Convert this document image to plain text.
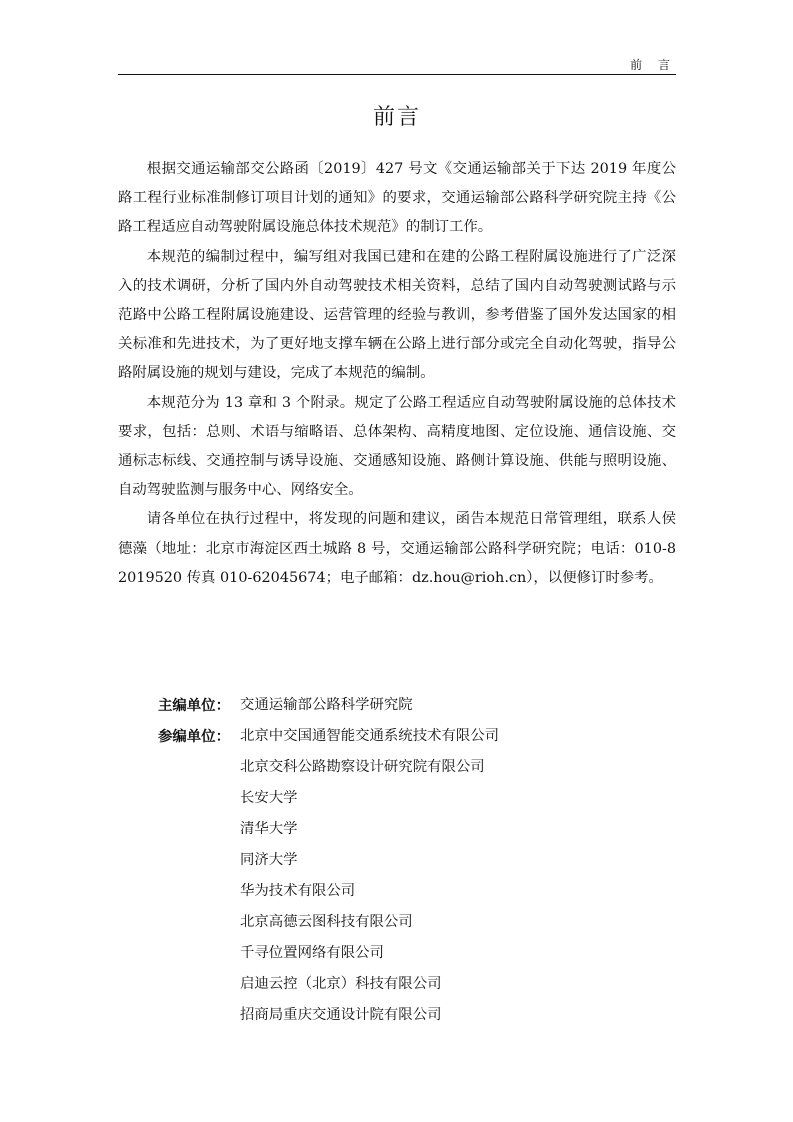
前 言
前言

根据交通运输部交公路函〔2019〕427 号文《交通运输部关于下达 2019 年度公路工程行业标准制修订项目计划的通知》的要求，交通运输部公路科学研究院主持《公路工程适应自动驾驶附属设施总体技术规范》的制订工作。

本规范的编制过程中，编写组对我国已建和在建的公路工程附属设施进行了广泛深入的技术调研，分析了国内外自动驾驶技术相关资料，总结了国内自动驾驶测试路与示范路中公路工程附属设施建设、运营管理的经验与教训，参考借鉴了国外发达国家的相关标准和先进技术，为了更好地支撑车辆在公路上进行部分或完全自动化驾驶，指导公路附属设施的规划与建设，完成了本规范的编制。

本规范分为 13 章和 3 个附录。规定了公路工程适应自动驾驶附属设施的总体技术要求，包括：总则、术语与缩略语、总体架构、高精度地图、定位设施、通信设施、交通标志标线、交通控制与诱导设施、交通感知设施、路侧计算设施、供能与照明设施、自动驾驶监测与服务中心、网络安全。

请各单位在执行过程中，将发现的问题和建议，函告本规范日常管理组，联系人侯德藻（地址：北京市海淀区西土城路 8 号，交通运输部公路科学研究院；电话：010-82019520 传真 010-62045674；电子邮箱：dz.hou@rioh.cn），以便修订时参考。

主编单位： 交通运输部公路科学研究院
参编单位： 北京中交国通智能交通系统技术有限公司
北京交科公路勘察设计研究院有限公司
长安大学
清华大学
同济大学
华为技术有限公司
北京高德云图科技有限公司
千寻位置网络有限公司
启迪云控（北京）科技有限公司
招商局重庆交通设计院有限公司
